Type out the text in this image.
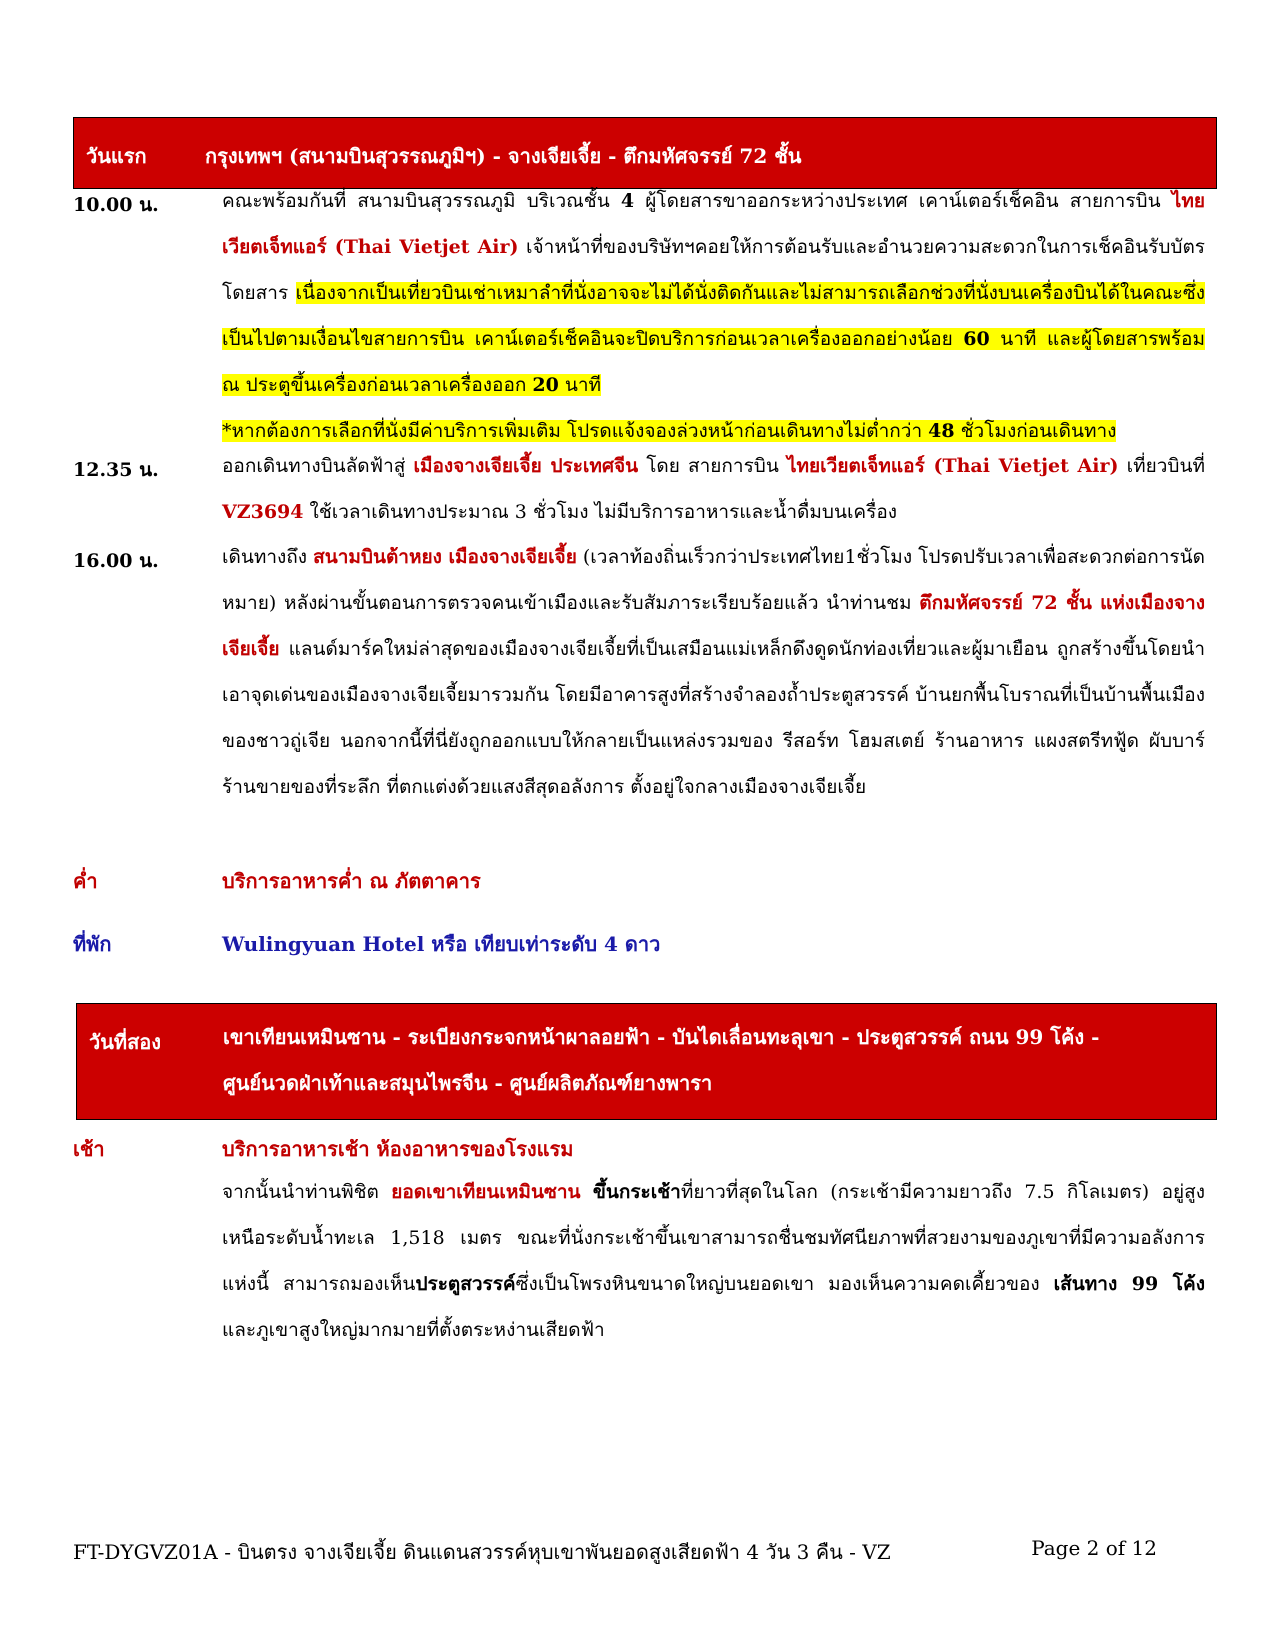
วันแรก	กรุงเทพฯ (สนามบินสุวรรณภูมิฯ) - จางเจียเจี้ย - ตึกมหัศจรรย์ 72 ชั้น
10.00 น.	คณะพร้อมกันที่ สนามบินสุวรรณภูมิ บริเวณชั้น 4 ผู้โดยสารขาออกระหว่างประเทศ เคาน์เตอร์เช็คอิน สายการบิน ไทยเวียตเจ็ทแอร์ (Thai Vietjet Air) เจ้าหน้าที่ของบริษัทฯคอยให้การต้อนรับและอำนวยความสะดวกในการเช็คอินรับบัตรโดยสาร เนื่องจากเป็นเที่ยวบินเช่าเหมาลำที่นั่งอาจจะไม่ได้นั่งติดกันและไม่สามารถเลือกช่วงที่นั่งบนเครื่องบินได้ในคณะซึ่งเป็นไปตามเงื่อนไขสายการบิน เคาน์เตอร์เช็คอินจะปิดบริการก่อนเวลาเครื่องออกอย่างน้อย 60 นาที และผู้โดยสารพร้อม ณ ประตูขึ้นเครื่องก่อนเวลาเครื่องออก 20 นาที

*หากต้องการเลือกที่นั่งมีค่าบริการเพิ่มเติม โปรดแจ้งจองล่วงหน้าก่อนเดินทางไม่ต่ำกว่า 48 ชั่วโมงก่อนเดินทาง

12.35 น.	ออกเดินทางบินลัดฟ้าสู่ เมืองจางเจียเจี้ย ประเทศจีน โดย สายการบิน ไทยเวียตเจ็ทแอร์ (Thai Vietjet Air) เที่ยวบินที่ VZ3694 ใช้เวลาเดินทางประมาณ 3 ชั่วโมง ไม่มีบริการอาหารและน้ำดื่มบนเครื่อง

16.00 น.	เดินทางถึง สนามบินต้าหยง เมืองจางเจียเจี้ย (เวลาท้องถิ่นเร็วกว่าประเทศไทย1ชั่วโมง โปรดปรับเวลาเพื่อสะดวกต่อการนัดหมาย) หลังผ่านขั้นตอนการตรวจคนเข้าเมืองและรับสัมภาระเรียบร้อยแล้ว นำท่านชม ตึกมหัศจรรย์ 72 ชั้น แห่งเมืองจางเจียเจี้ย แลนด์มาร์คใหม่ล่าสุดของเมืองจางเจียเจี้ยที่เป็นเสมือนแม่เหล็กดึงดูดนักท่องเที่ยวและผู้มาเยือน ถูกสร้างขึ้นโดยนำเอาจุดเด่นของเมืองจางเจียเจี้ยมารวมกัน โดยมีอาคารสูงที่สร้างจำลองถ้ำประตูสวรรค์ บ้านยกพื้นโบราณที่เป็นบ้านพื้นเมืองของชาวถู่เจีย นอกจากนี้ที่นี่ยังถูกออกแบบให้กลายเป็นแหล่งรวมของ รีสอร์ท โฮมสเตย์ ร้านอาหาร แผงสตรีทฟู้ด ผับบาร์ ร้านขายของที่ระลึก ที่ตกแต่งด้วยแสงสีสุดอลังการ ตั้งอยู่ใจกลางเมืองจางเจียเจี้ย

ค่ำ	บริการอาหารค่ำ ณ ภัตตาคาร
ที่พัก	Wulingyuan Hotel หรือ เทียบเท่าระดับ 4 ดาว
วันที่สอง	เขาเทียนเหมินซาน - ระเบียงกระจกหน้าผาลอยฟ้า - บันไดเลื่อนทะลุเขา - ประตูสวรรค์ ถนน 99 โค้ง -
ศูนย์นวดฝ่าเท้าและสมุนไพรจีน - ศูนย์ผลิตภัณฑ์ยางพารา
เช้า	บริการอาหารเช้า ห้องอาหารของโรงแรม

จากนั้นนำท่านพิชิต ยอดเขาเทียนเหมินซาน ขึ้นกระเช้าที่ยาวที่สุดในโลก (กระเช้ามีความยาวถึง 7.5 กิโลเมตร) อยู่สูงเหนือระดับน้ำทะเล 1,518 เมตร ขณะที่นั่งกระเช้าขึ้นเขาสามารถชื่นชมทัศนียภาพที่สวยงามของภูเขาที่มีความอลังการแห่งนี้ สามารถมองเห็นประตูสวรรค์ซึ่งเป็นโพรงหินขนาดใหญ่บนยอดเขา มองเห็นความคดเคี้ยวของ เส้นทาง 99 โค้ง และภูเขาสูงใหญ่มากมายที่ตั้งตระหง่านเสียดฟ้า

FT-DYGVZ01A - บินตรง จางเจียเจี้ย ดินแดนสวรรค์หุบเขาพันยอดสูงเสียดฟ้า 4 วัน 3 คืน - VZ	Page 2 of 12
